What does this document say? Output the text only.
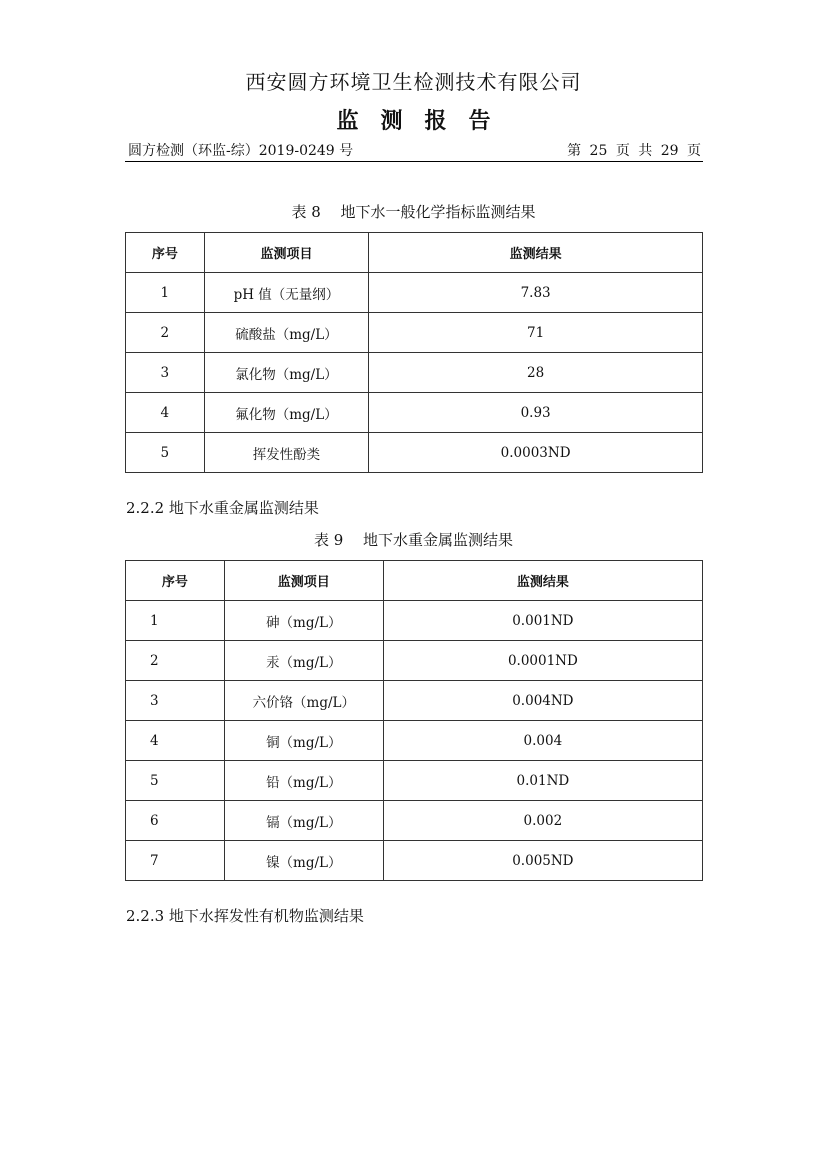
西安圆方环境卫生检测技术有限公司
监测报告
圆方检测（环监-综）2019-0249 号	第 25 页 共 29 页
表 8　 地下水一般化学指标监测结果
序号	监测项目	监测结果
1	pH 值（无量纲）	7.83
2	硫酸盐（mg/L）	71
3	氯化物（mg/L）	28
4	氟化物（mg/L）	0.93
5	挥发性酚类	0.0003ND
2.2.2 地下水重金属监测结果
表 9　 地下水重金属监测结果
序号	监测项目	监测结果
1	砷（mg/L）	0.001ND
2	汞（mg/L）	0.0001ND
3	六价铬（mg/L）	0.004ND
4	铜（mg/L）	0.004
5	铅（mg/L）	0.01ND
6	镉（mg/L）	0.002
7	镍（mg/L）	0.005ND
2.2.3 地下水挥发性有机物监测结果
